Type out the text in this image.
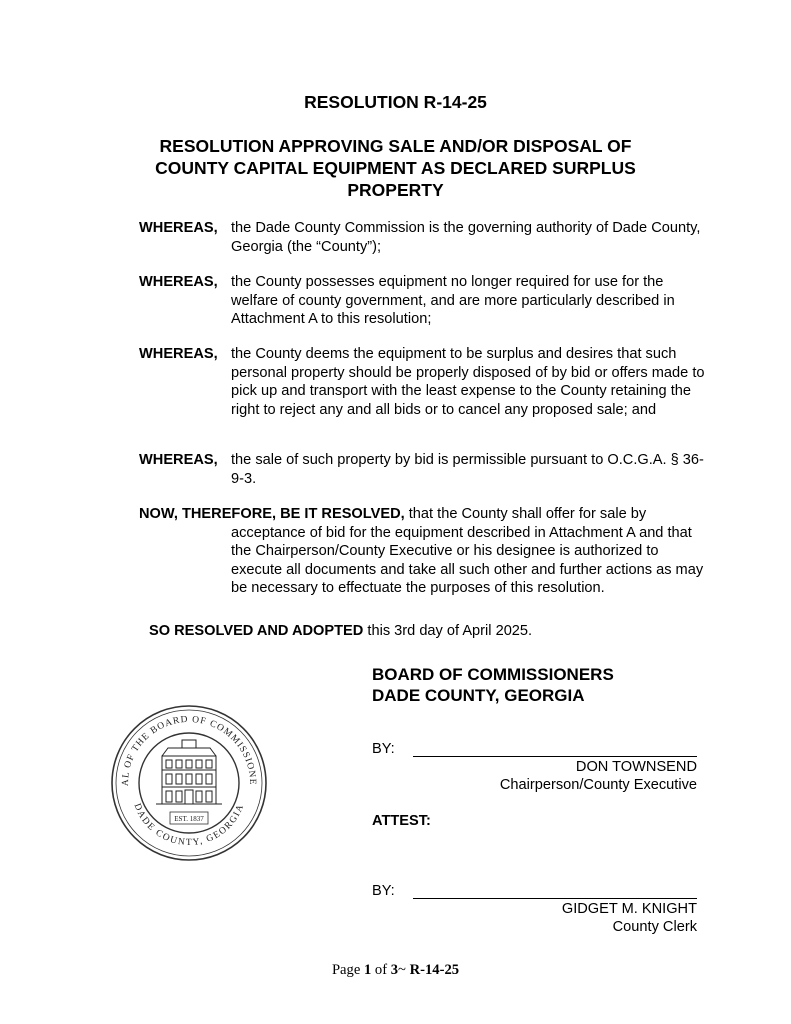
RESOLUTION R-14-25
RESOLUTION APPROVING SALE AND/OR DISPOSAL OF
COUNTY CAPITAL EQUIPMENT AS DECLARED SURPLUS
PROPERTY
WHEREAS, the Dade County Commission is the governing authority of Dade County, Georgia (the “County”);
WHEREAS, the County possesses equipment no longer required for use for the welfare of county government, and are more particularly described in Attachment A to this resolution;
WHEREAS, the County deems the equipment to be surplus and desires that such personal property should be properly disposed of by bid or offers made to pick up and transport with the least expense to the County retaining the right to reject any and all bids or to cancel any proposed sale; and
WHEREAS, the sale of such property by bid is permissible pursuant to O.C.G.A. § 36-9-3.
NOW, THEREFORE, BE IT RESOLVED, that the County shall offer for sale by
acceptance of bid for the equipment described in Attachment A and that the Chairperson/County Executive or his designee is authorized to execute all documents and take all such other and further actions as may be necessary to effectuate the purposes of this resolution.
SO RESOLVED AND ADOPTED this 3rd day of April 2025.
BOARD OF COMMISSIONERS
DADE COUNTY, GEORGIA
AL OF THE BOARD OF COMMISSIONE
DADE COUNTY, GEORGIA
EST. 1837
BY:
DON TOWNSEND
Chairperson/County Executive
ATTEST:
BY:
GIDGET M. KNIGHT
County Clerk
Page 1 of 3~ R-14-25
